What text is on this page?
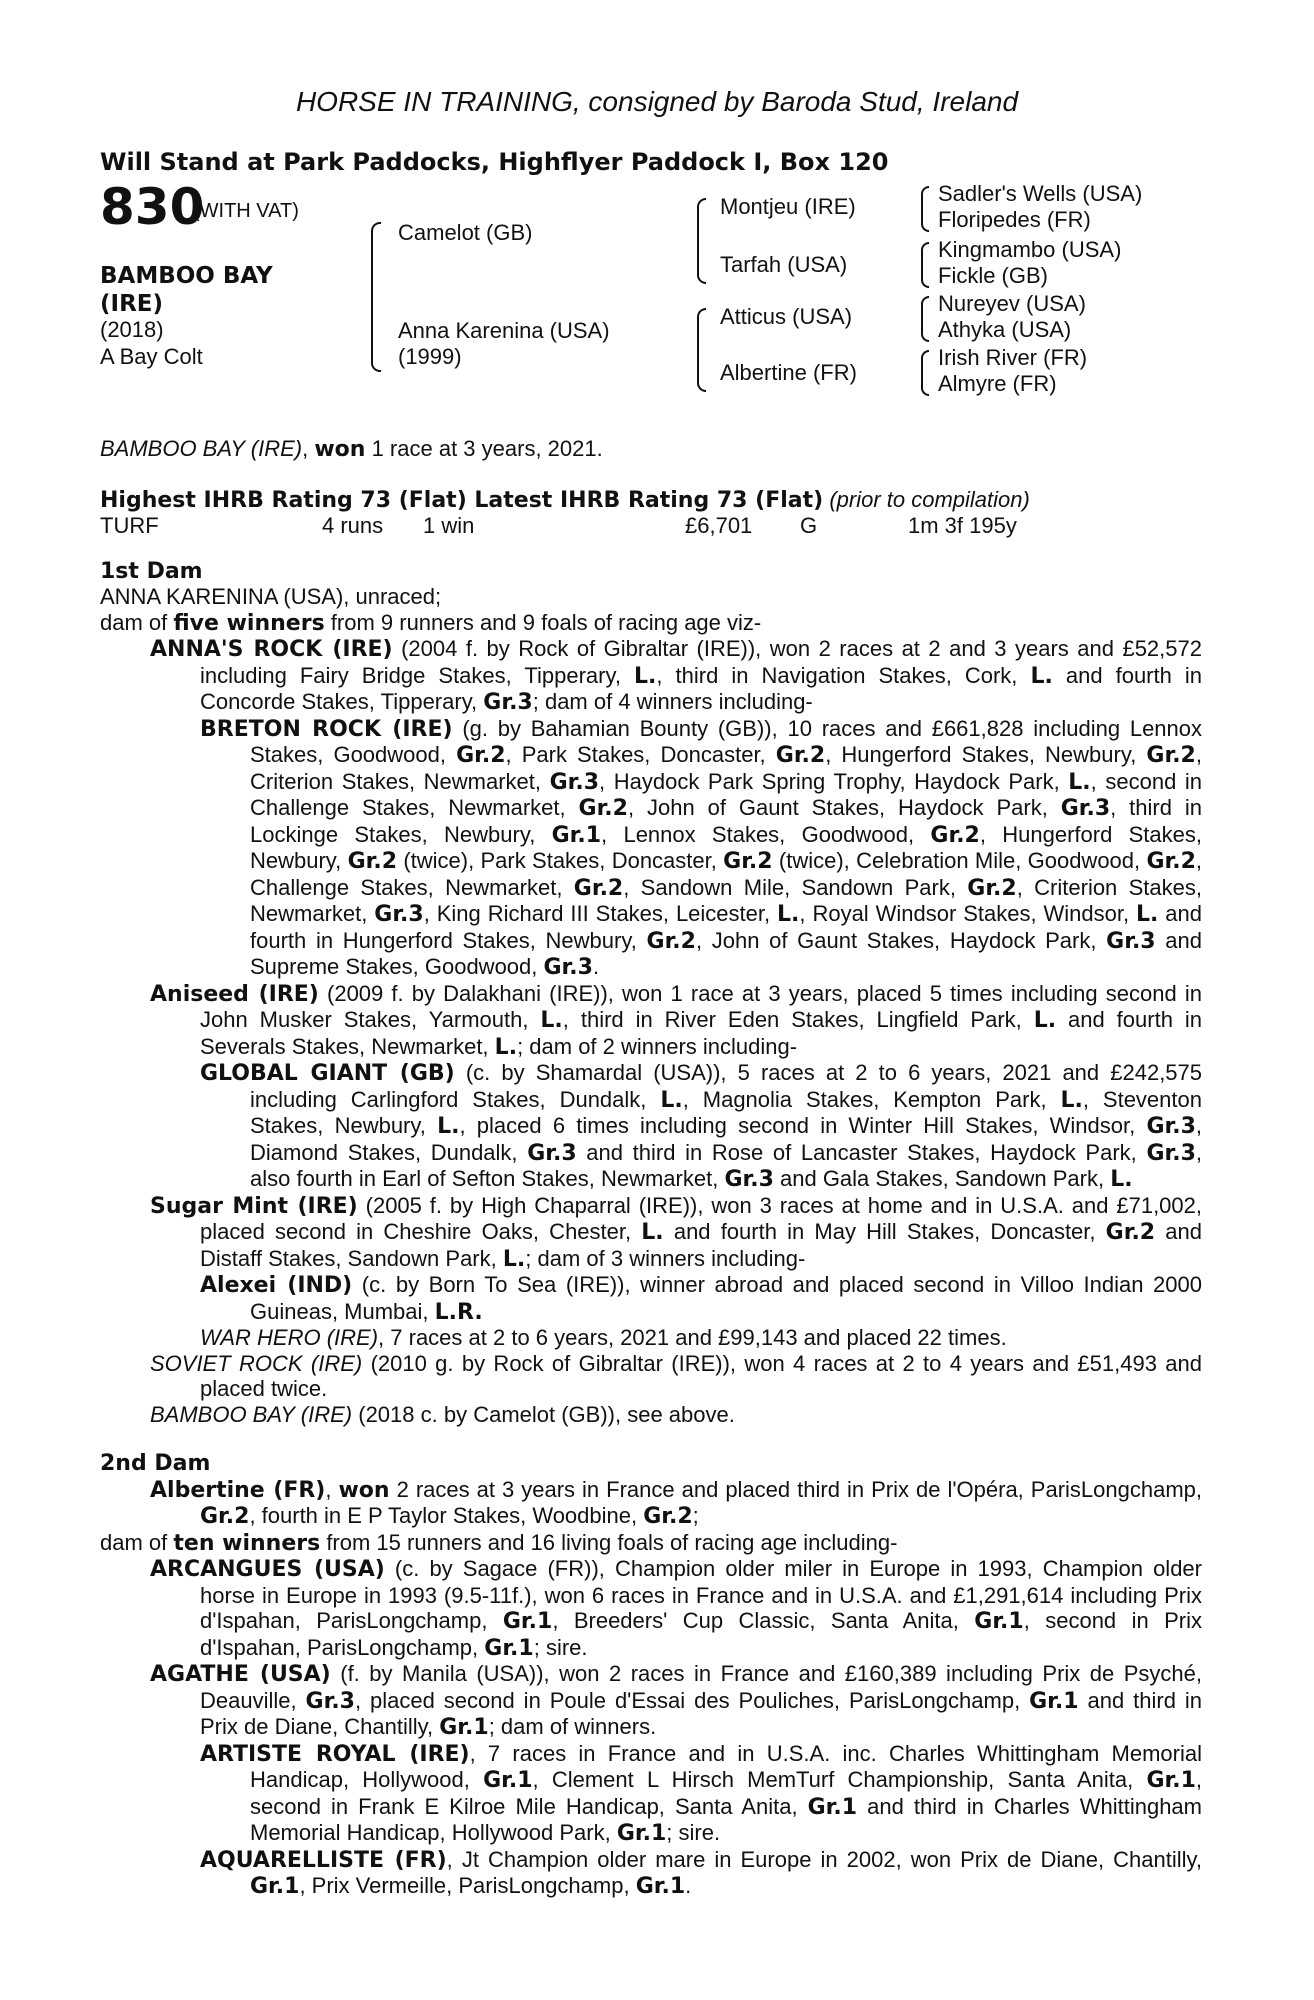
HORSE IN TRAINING, consigned by Baroda Stud, Ireland
Will Stand at Park Paddocks, Highflyer Paddock I, Box 120
830
(WITH VAT)
BAMBOO BAY
(IRE)
(2018)
A Bay Colt
Camelot (GB)
Anna Karenina (USA)
(1999)
Montjeu (IRE)
Tarfah (USA)
Atticus (USA)
Albertine (FR)
Sadler's Wells (USA)
Floripedes (FR)
Kingmambo (USA)
Fickle (GB)
Nureyev (USA)
Athyka (USA)
Irish River (FR)
Almyre (FR)

BAMBOO BAY (IRE), won 1 race at 3 years, 2021.

Highest IHRB Rating 73 (Flat) Latest IHRB Rating 73 (Flat) (prior to compilation)

TURF	4 runs	1 win	£6,701	G	1m 3f 195y

1st Dam

ANNA KARENINA (USA), unraced;

dam of five winners from 9 runners and 9 foals of racing age viz-

ANNA'S ROCK (IRE) (2004 f. by Rock of Gibraltar (IRE)), won 2 races at 2 and 3 years and £52,572 including Fairy Bridge Stakes, Tipperary, L., third in Navigation Stakes, Cork, L. and fourth in Concorde Stakes, Tipperary, Gr.3; dam of 4 winners including-

BRETON ROCK (IRE) (g. by Bahamian Bounty (GB)), 10 races and £661,828 including Lennox Stakes, Goodwood, Gr.2, Park Stakes, Doncaster, Gr.2, Hungerford Stakes, Newbury, Gr.2, Criterion Stakes, Newmarket, Gr.3, Haydock Park Spring Trophy, Haydock Park, L., second in Challenge Stakes, Newmarket, Gr.2, John of Gaunt Stakes, Haydock Park, Gr.3, third in Lockinge Stakes, Newbury, Gr.1, Lennox Stakes, Goodwood, Gr.2, Hungerford Stakes, Newbury, Gr.2 (twice), Park Stakes, Doncaster, Gr.2 (twice), Celebration Mile, Goodwood, Gr.2, Challenge Stakes, Newmarket, Gr.2, Sandown Mile, Sandown Park, Gr.2, Criterion Stakes, Newmarket, Gr.3, King Richard III Stakes, Leicester, L., Royal Windsor Stakes, Windsor, L. and fourth in Hungerford Stakes, Newbury, Gr.2, John of Gaunt Stakes, Haydock Park, Gr.3 and Supreme Stakes, Goodwood, Gr.3.

Aniseed (IRE) (2009 f. by Dalakhani (IRE)), won 1 race at 3 years, placed 5 times including second in John Musker Stakes, Yarmouth, L., third in River Eden Stakes, Lingfield Park, L. and fourth in Severals Stakes, Newmarket, L.; dam of 2 winners including-

GLOBAL GIANT (GB) (c. by Shamardal (USA)), 5 races at 2 to 6 years, 2021 and £242,575 including Carlingford Stakes, Dundalk, L., Magnolia Stakes, Kempton Park, L., Steventon Stakes, Newbury, L., placed 6 times including second in Winter Hill Stakes, Windsor, Gr.3, Diamond Stakes, Dundalk, Gr.3 and third in Rose of Lancaster Stakes, Haydock Park, Gr.3, also fourth in Earl of Sefton Stakes, Newmarket, Gr.3 and Gala Stakes, Sandown Park, L.

Sugar Mint (IRE) (2005 f. by High Chaparral (IRE)), won 3 races at home and in U.S.A. and £71,002, placed second in Cheshire Oaks, Chester, L. and fourth in May Hill Stakes, Doncaster, Gr.2 and Distaff Stakes, Sandown Park, L.; dam of 3 winners including-

Alexei (IND) (c. by Born To Sea (IRE)), winner abroad and placed second in Villoo Indian 2000 Guineas, Mumbai, L.R.

WAR HERO (IRE), 7 races at 2 to 6 years, 2021 and £99,143 and placed 22 times.

SOVIET ROCK (IRE) (2010 g. by Rock of Gibraltar (IRE)), won 4 races at 2 to 4 years and £51,493 and placed twice.

BAMBOO BAY (IRE) (2018 c. by Camelot (GB)), see above.

2nd Dam

Albertine (FR), won 2 races at 3 years in France and placed third in Prix de l'Opéra, ParisLongchamp, Gr.2, fourth in E P Taylor Stakes, Woodbine, Gr.2;

dam of ten winners from 15 runners and 16 living foals of racing age including-

ARCANGUES (USA) (c. by Sagace (FR)), Champion older miler in Europe in 1993, Champion older horse in Europe in 1993 (9.5-11f.), won 6 races in France and in U.S.A. and £1,291,614 including Prix d'Ispahan, ParisLongchamp, Gr.1, Breeders' Cup Classic, Santa Anita, Gr.1, second in Prix d'Ispahan, ParisLongchamp, Gr.1; sire.

AGATHE (USA) (f. by Manila (USA)), won 2 races in France and £160,389 including Prix de Psyché, Deauville, Gr.3, placed second in Poule d'Essai des Pouliches, ParisLongchamp, Gr.1 and third in Prix de Diane, Chantilly, Gr.1; dam of winners.

ARTISTE ROYAL (IRE), 7 races in France and in U.S.A. inc. Charles Whittingham Memorial Handicap, Hollywood, Gr.1, Clement L Hirsch MemTurf Championship, Santa Anita, Gr.1, second in Frank E Kilroe Mile Handicap, Santa Anita, Gr.1 and third in Charles Whittingham Memorial Handicap, Hollywood Park, Gr.1; sire.

AQUARELLISTE (FR), Jt Champion older mare in Europe in 2002, won Prix de Diane, Chantilly, Gr.1, Prix Vermeille, ParisLongchamp, Gr.1.
